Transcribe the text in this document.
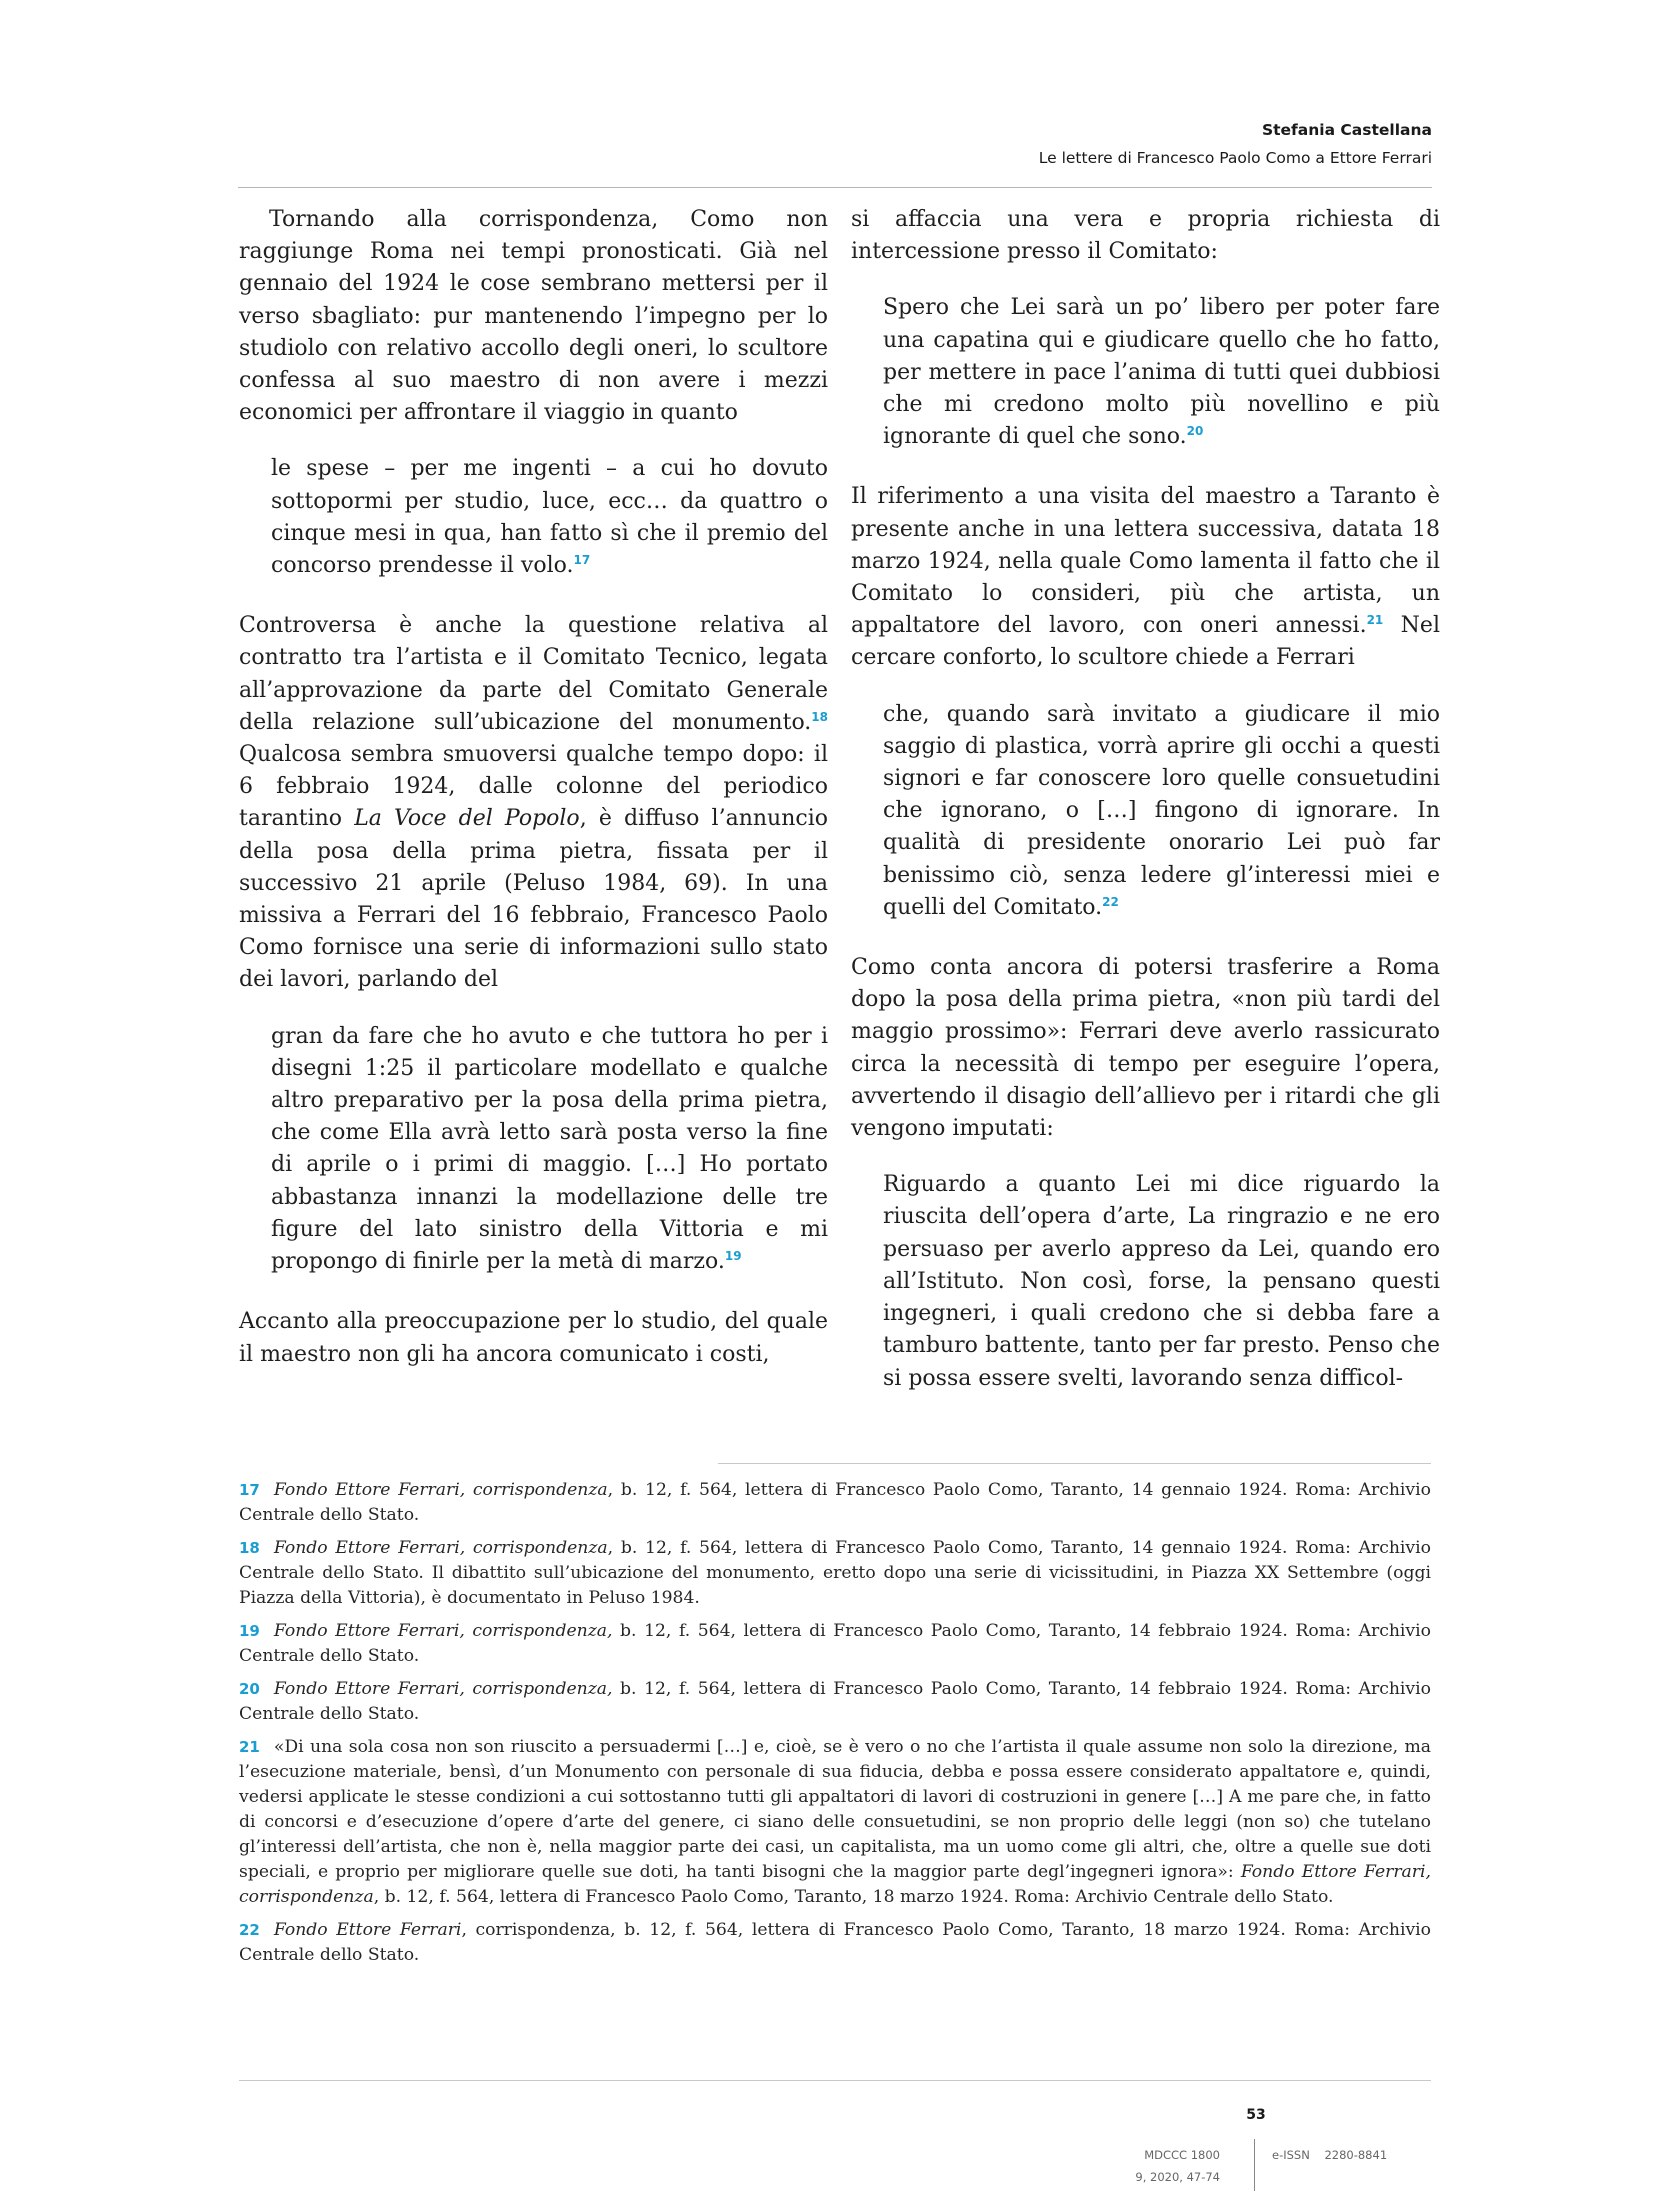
Stefania Castellana
Le lettere di Francesco Paolo Como a Ettore Ferrari

Tornando alla corrispondenza, Como non raggiunge Roma nei tempi pronosticati. Già nel gennaio del 1924 le cose sembrano mettersi per il verso sbagliato: pur mantenendo l’impegno per lo studiolo con relativo accollo degli oneri, lo scultore confessa al suo maestro di non avere i mezzi economici per affrontare il viaggio in quanto

le spese – per me ingenti – a cui ho dovuto sottopormi per studio, luce, ecc… da quattro o cinque mesi in qua, han fatto sì che il premio del concorso prendesse il volo.$^{17}$

Controversa è anche la questione relativa al contratto tra l’artista e il Comitato Tecnico, legata all’approvazione da parte del Comitato Generale della relazione sull’ubicazione del monumento.$^{18}$ Qualcosa sembra smuoversi qualche tempo dopo: il 6 febbraio 1924, dalle colonne del periodico tarantino La Voce del Popolo, è diffuso l’annuncio della posa della prima pietra, fissata per il successivo 21 aprile (Peluso 1984, 69). In una missiva a Ferrari del 16 febbraio, Francesco Paolo Como fornisce una serie di informazioni sullo stato dei lavori, parlando del

gran da fare che ho avuto e che tuttora ho per i disegni 1:25 il particolare modellato e qualche altro preparativo per la posa della prima pietra, che come Ella avrà letto sarà posta verso la fine di aprile o i primi di maggio. […] Ho portato abbastanza innanzi la modellazione delle tre figure del lato sinistro della Vittoria e mi propongo di finirle per la metà di marzo.$^{19}$

Accanto alla preoccupazione per lo studio, del quale il maestro non gli ha ancora comunicato i costi,

si affaccia una vera e propria richiesta di intercessione presso il Comitato:

Spero che Lei sarà un po’ libero per poter fare una capatina qui e giudicare quello che ho fatto, per mettere in pace l’anima di tutti quei dubbiosi che mi credono molto più novellino e più ignorante di quel che sono.$^{20}$

Il riferimento a una visita del maestro a Taranto è presente anche in una lettera successiva, datata 18 marzo 1924, nella quale Como lamenta il fatto che il Comitato lo consideri, più che artista, un appaltatore del lavoro, con oneri annessi.$^{21}$ Nel cercare conforto, lo scultore chiede a Ferrari

che, quando sarà invitato a giudicare il mio saggio di plastica, vorrà aprire gli occhi a questi signori e far conoscere loro quelle consuetudini che ignorano, o […] fingono di ignorare. In qualità di presidente onorario Lei può far benissimo ciò, senza ledere gl’interessi miei e quelli del Comitato.$^{22}$

Como conta ancora di potersi trasferire a Roma dopo la posa della prima pietra, «non più tardi del maggio prossimo»: Ferrari deve averlo rassicurato circa la necessità di tempo per eseguire l’opera, avvertendo il disagio dell’allievo per i ritardi che gli vengono imputati:

Riguardo a quanto Lei mi dice riguardo la riuscita dell’opera d’arte, La ringrazio e ne ero persuaso per averlo appreso da Lei, quando ero all’Istituto. Non così, forse, la pensano questi ingegneri, i quali credono che si debba fare a tamburo battente, tanto per far presto. Penso che si possa essere svelti, lavorando senza difficol-

17 Fondo Ettore Ferrari, corrispondenza, b. 12, f. 564, lettera di Francesco Paolo Como, Taranto, 14 gennaio 1924. Roma: Archivio Centrale dello Stato.

18 Fondo Ettore Ferrari, corrispondenza, b. 12, f. 564, lettera di Francesco Paolo Como, Taranto, 14 gennaio 1924. Roma: Archivio Centrale dello Stato. Il dibattito sull’ubicazione del monumento, eretto dopo una serie di vicissitudini, in Piazza XX Settembre (oggi Piazza della Vittoria), è documentato in Peluso 1984.

19 Fondo Ettore Ferrari, corrispondenza, b. 12, f. 564, lettera di Francesco Paolo Como, Taranto, 14 febbraio 1924. Roma: Archivio Centrale dello Stato.

20 Fondo Ettore Ferrari, corrispondenza, b. 12, f. 564, lettera di Francesco Paolo Como, Taranto, 14 febbraio 1924. Roma: Archivio Centrale dello Stato.

21 «Di una sola cosa non son riuscito a persuadermi […] e, cioè, se è vero o no che l’artista il quale assume non solo la direzione, ma l’esecuzione materiale, bensì, d’un Monumento con personale di sua fiducia, debba e possa essere considerato appaltatore e, quindi, vedersi applicate le stesse condizioni a cui sottostanno tutti gli appaltatori di lavori di costruzioni in genere […] A me pare che, in fatto di concorsi e d’esecuzione d’opere d’arte del genere, ci siano delle consuetudini, se non proprio delle leggi (non so) che tutelano gl’interessi dell’artista, che non è, nella maggior parte dei casi, un capitalista, ma un uomo come gli altri, che, oltre a quelle sue doti speciali, e proprio per migliorare quelle sue doti, ha tanti bisogni che la maggior parte degl’ingegneri ignora»: Fondo Ettore Ferrari, corrispondenza, b. 12, f. 564, lettera di Francesco Paolo Como, Taranto, 18 marzo 1924. Roma: Archivio Centrale dello Stato.

22 Fondo Ettore Ferrari, corrispondenza, b. 12, f. 564, lettera di Francesco Paolo Como, Taranto, 18 marzo 1924. Roma: Archivio Centrale dello Stato.

53
MDCCC 1800
9, 2020, 47-74
e-ISSN 2280-8841
